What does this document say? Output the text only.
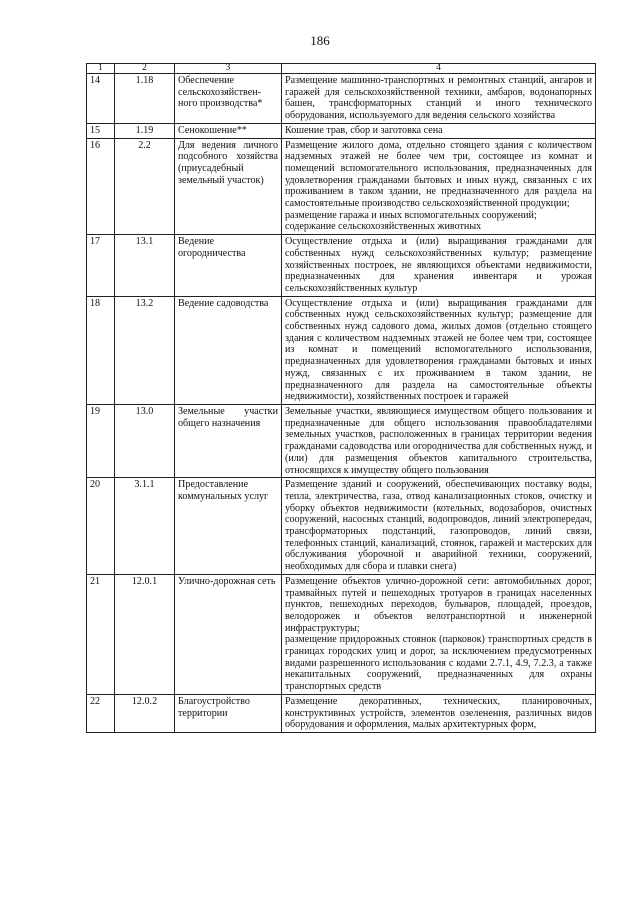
186
1	2	3	4
14	1.18	Обеспечение сельскохозяйствен-ного производства*	Размещение машинно-транспортных и ремонтных станций, ангаров и гаражей для сельскохозяйственной техники, амбаров, водонапорных башен, трансформаторных станций и иного технического оборудования, используемого для ведения сельского хозяйства

15	1.19	Сенокошение**	Кошение трав, сбор и заготовка сена

16	2.2	Для ведения личного подсобного хозяйства (приусадебный земельный участок)	Размещение жилого дома, отдельно стоящего здания с количеством надземных этажей не более чем три, состоящее из комнат и помещений вспомогательного использования, предназначенных для удовлетворения гражданами бытовых и иных нужд, связанных с их проживанием в таком здании, не предназначенного для раздела на самостоятельные производство сельскохозяйственной продукции;
размещение гаража и иных вспомогательных сооружений;
содержание сельскохозяйственных животных

17	13.1	Ведение огородничества	Осуществление отдыха и (или) выращивания гражданами для собственных нужд сельскохозяйственных культур; размещение хозяйственных построек, не являющихся объектами недвижимости, предназначенных для хранения инвентаря и урожая сельскохозяйственных культур

18	13.2	Ведение садоводства	Осуществление отдыха и (или) выращивания гражданами для собственных нужд сельскохозяйственных культур; размещение для собственных нужд садового дома, жилых домов (отдельно стоящего здания с количеством надземных этажей не более чем три, состоящее из комнат и помещений вспомогательного использования, предназначенных для удовлетворения гражданами бытовых и иных нужд, связанных с их проживанием в таком здании, не предназначенного для раздела на самостоятельные объекты недвижимости), хозяйственных построек и гаражей

19	13.0	Земельные участки общего назначения	Земельные участки, являющиеся имуществом общего пользования и предназначенные для общего использования правообладателями земельных участков, расположенных в границах территории ведения гражданами садоводства или огородничества для собственных нужд, и (или) для размещения объектов капитального строительства, относящихся к имуществу общего пользования

20	3.1.1	Предоставление коммунальных услуг	Размещение зданий и сооружений, обеспечивающих поставку воды, тепла, электричества, газа, отвод канализационных стоков, очистку и уборку объектов недвижимости (котельных, водозаборов, очистных сооружений, насосных станций, водопроводов, линий электропередач, трансформаторных подстанций, газопроводов, линий связи, телефонных станций, канализаций, стоянок, гаражей и мастерских для обслуживания уборочной и аварийной техники, сооружений, необходимых для сбора и плавки снега)

21	12.0.1	Улично-дорожная сеть	Размещение объектов улично-дорожной сети: автомобильных дорог, трамвайных путей и пешеходных тротуаров в границах населенных пунктов, пешеходных переходов, бульваров, площадей, проездов, велодорожек и объектов велотранспортной и инженерной инфраструктуры;
размещение придорожных стоянок (парковок) транспортных средств в границах городских улиц и дорог, за исключением предусмотренных видами разрешенного использования с кодами 2.7.1, 4.9, 7.2.3, а также некапитальных сооружений, предназначенных для охраны транспортных средств

22	12.0.2	Благоустройство территории	Размещение декоративных, технических, планировочных, конструктивных устройств, элементов озеленения, различных видов оборудования и оформления, малых архитектурных форм,
